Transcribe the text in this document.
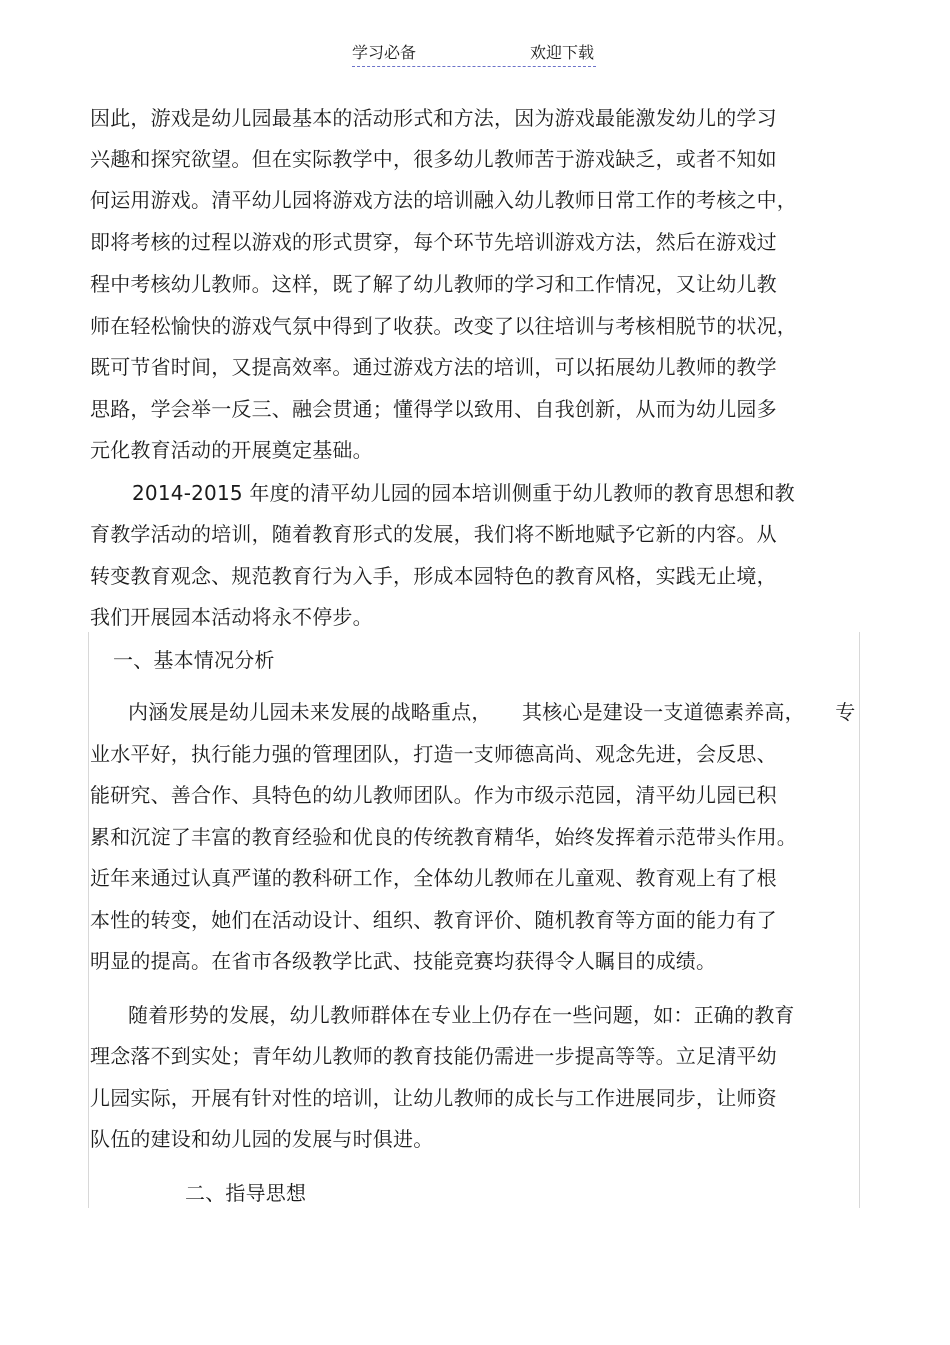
学习必备	欢迎下载
因此，游戏是幼儿园最基本的活动形式和方法，因为游戏最能激发幼儿的学习
兴趣和探究欲望。但在实际教学中，很多幼儿教师苦于游戏缺乏，或者不知如
何运用游戏。清平幼儿园将游戏方法的培训融入幼儿教师日常工作的考核之中，
即将考核的过程以游戏的形式贯穿，每个环节先培训游戏方法，然后在游戏过
程中考核幼儿教师。这样，既了解了幼儿教师的学习和工作情况，又让幼儿教
师在轻松愉快的游戏气氛中得到了收获。改变了以往培训与考核相脱节的状况，
既可节省时间，又提高效率。通过游戏方法的培训，可以拓展幼儿教师的教学
思路，学会举一反三、融会贯通；懂得学以致用、自我创新，从而为幼儿园多
元化教育活动的开展奠定基础。
2014-2015 年度的清平幼儿园的园本培训侧重于幼儿教师的教育思想和教
育教学活动的培训，随着教育形式的发展，我们将不断地赋予它新的内容。从
转变教育观念、规范教育行为入手，形成本园特色的教育风格，实践无止境，
我们开展园本活动将永不停步。
一、基本情况分析
内涵发展是幼儿园未来发展的战略重点，　　其核心是建设一支道德素养高，　　专
业水平好，执行能力强的管理团队，打造一支师德高尚、观念先进，会反思、
能研究、善合作、具特色的幼儿教师团队。作为市级示范园，清平幼儿园已积
累和沉淀了丰富的教育经验和优良的传统教育精华，始终发挥着示范带头作用。
近年来通过认真严谨的教科研工作，全体幼儿教师在儿童观、教育观上有了根
本性的转变，她们在活动设计、组织、教育评价、随机教育等方面的能力有了
明显的提高。在省市各级教学比武、技能竞赛均获得令人瞩目的成绩。
随着形势的发展，幼儿教师群体在专业上仍存在一些问题，如：正确的教育
理念落不到实处；青年幼儿教师的教育技能仍需进一步提高等等。立足清平幼
儿园实际，开展有针对性的培训，让幼儿教师的成长与工作进展同步，让师资
队伍的建设和幼儿园的发展与时俱进。
二、指导思想
